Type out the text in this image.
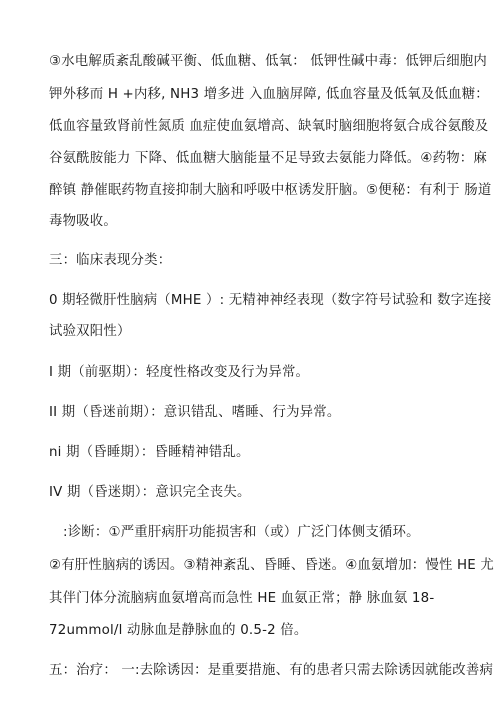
③水电解质紊乱酸碱平衡、低血糖、低氧： 低钾性碱中毒：低钾后细胞内
钾外移而 H +内移, NH3 增多进 入血脑屏障, 低血容量及低氧及低血糖：
低血容量致肾前性氮质 血症使血氨增高、缺氧时脑细胞将氨合成谷氨酸及
谷氨酰胺能力 下降、低血糖大脑能量不足导致去氨能力降低。④药物：麻
醉镇 静催眠药物直接抑制大脑和呼吸中枢诱发肝脑。⑤便秘：有利于 肠道
毒物吸收。
三：临床表现分类：
0 期轻微肝性脑病（MHE ）: 无精神神经表现（数字符号试验和 数字连接
试验双阳性）
I 期（前驱期）：轻度性格改变及行为异常。
II 期（昏迷前期）：意识错乱、嗜睡、行为异常。
ni 期（昏睡期）：昏睡精神错乱。
IV 期（昏迷期）：意识完全丧失。
:诊断：①严重肝病肝功能损害和（或）广泛门体侧支循环。
②有肝性脑病的诱因。③精神紊乱、昏睡、昏迷。④血氨增加：慢性 HE 尤
其伴门体分流脑病血氨增高而急性 HE 血氨正常；静 脉血氨 18-
72ummol/l 动脉血是静脉血的 0.5-2 倍。
五：治疗： 一:去除诱因：是重要措施、有的患者只需去除诱因就能改善病
